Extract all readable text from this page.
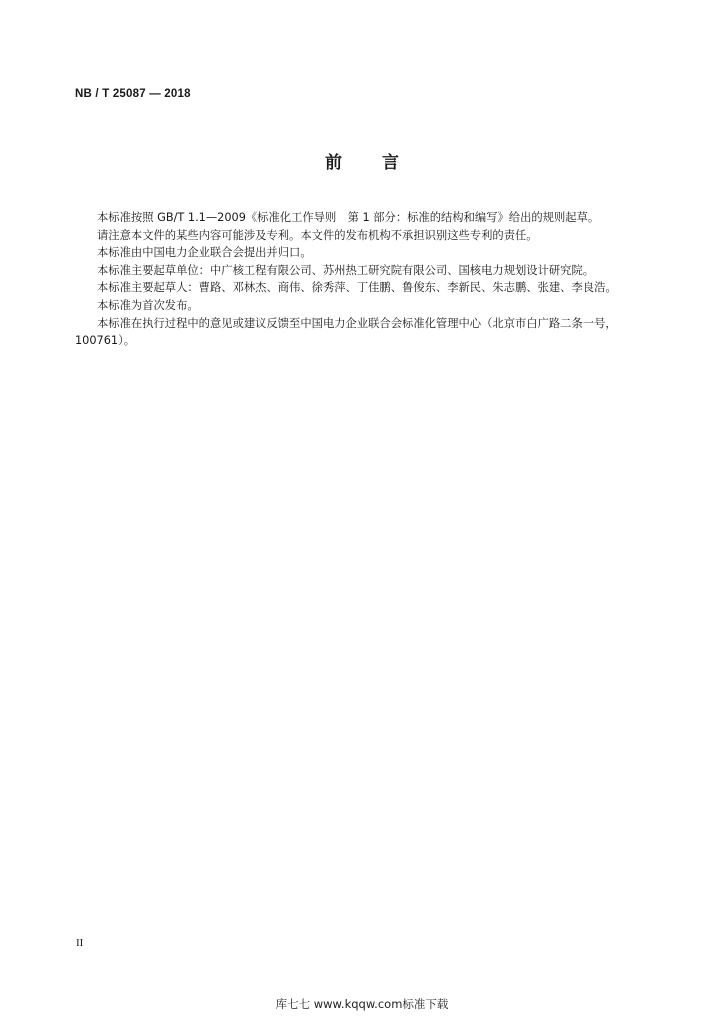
NB / T 25087 — 2018
前 言

本标准按照 GB/T 1.1—2009《标准化工作导则　第 1 部分：标准的结构和编写》给出的规则起草。

请注意本文件的某些内容可能涉及专利。本文件的发布机构不承担识别这些专利的责任。

本标准由中国电力企业联合会提出并归口。

本标准主要起草单位：中广核工程有限公司、苏州热工研究院有限公司、国核电力规划设计研究院。

本标准主要起草人：曹路、邓林杰、商伟、徐秀萍、丁佳鹏、鲁俊东、李新民、朱志鹏、张建、李良浩。

本标准为首次发布。

本标准在执行过程中的意见或建议反馈至中国电力企业联合会标准化管理中心（北京市白广路二条一号，100761）。

II
库七七 www.kqqw.com标准下载
